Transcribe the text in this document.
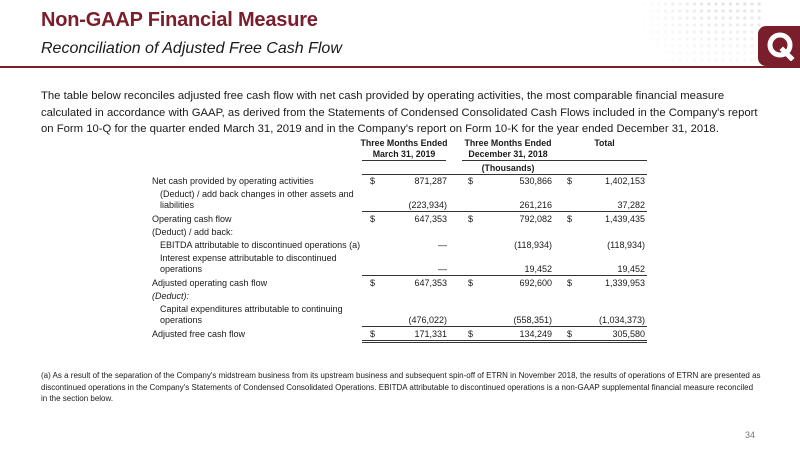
Non-GAAP Financial Measure
Reconciliation of Adjusted Free Cash Flow
The table below reconciles adjusted free cash flow with net cash provided by operating activities, the most comparable financial measure calculated in accordance with GAAP, as derived from the Statements of Condensed Consolidated Cash Flows included in the Company's report on Form 10-Q for the quarter ended March 31, 2019 and in the Company's report on Form 10-K for the year ended December 31, 2018.
Three Months Ended
March 31, 2019
Three Months Ended
December 31, 2018
Total
(Thousands)
Net cash provided by operating activities	$	871,287 $	530,866 $	1,402,153
(Deduct) / add back changes in other assets and
liabilities	(223,934)	261,216	37,282
Operating cash flow	$	647,353 $	792,082 $	1,439,435
(Deduct) / add back:
EBITDA attributable to discontinued operations (a)	—	(118,934)	(118,934)
Interest expense attributable to discontinued
operations	—	19,452	19,452
Adjusted operating cash flow	$	647,353 $	692,600 $	1,339,953
(Deduct):
Capital expenditures attributable to continuing
operations	(476,022)	(558,351)	(1,034,373)
Adjusted free cash flow	$	171,331 $	134,249 $	305,580
(a) As a result of the separation of the Company's midstream business from its upstream business and subsequent spin-off of ETRN in November 2018, the results of operations of ETRN are presented as discontinued operations in the Company's Statements of Condensed Consolidated Operations. EBITDA attributable to discontinued operations is a non-GAAP supplemental financial measure reconciled in the section below.
34
